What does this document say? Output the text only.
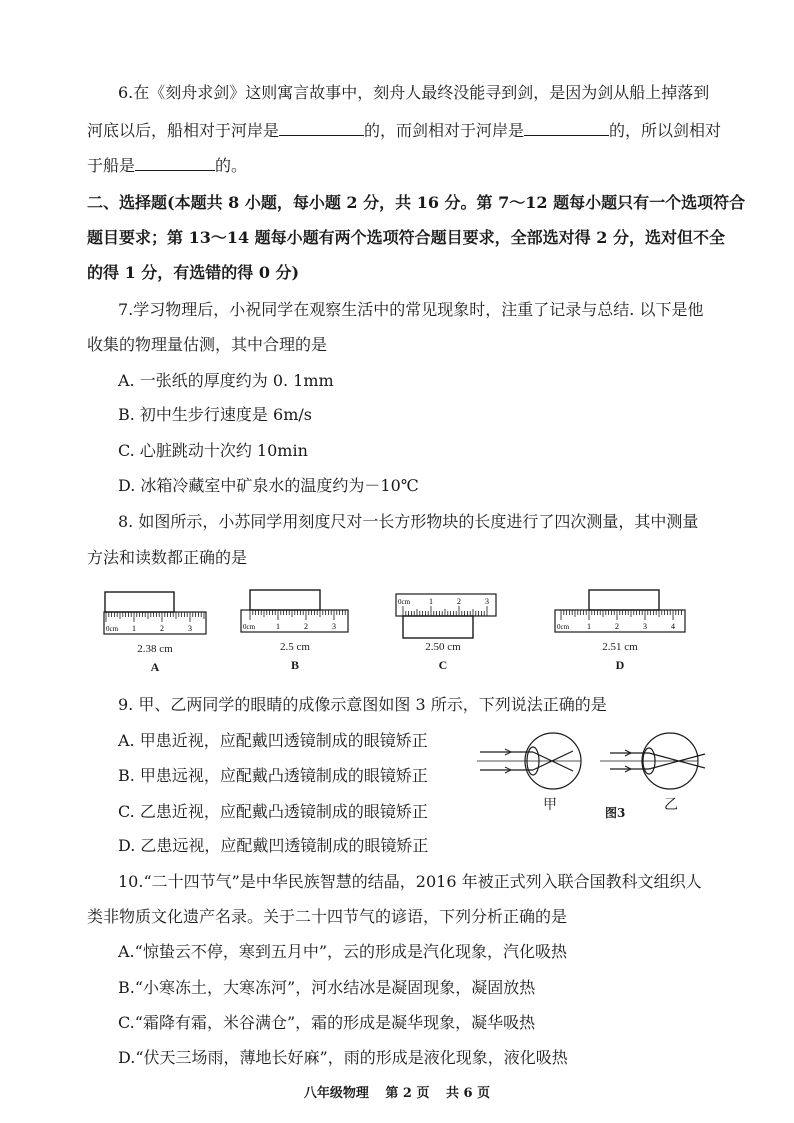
6.在《刻舟求剑》这则寓言故事中，刻舟人最终没能寻到剑，是因为剑从船上掉落到
河底以后，船相对于河岸是	的，而剑相对于河岸是	的，所以剑相对
于船是	的。
二、选择题(本题共 8 小题，每小题 2 分，共 16 分。第 7～12 题每小题只有一个选项符合
题目要求；第 13～14 题每小题有两个选项符合题目要求，全部选对得 2 分，选对但不全
的得 1 分，有选错的得 0 分)
7.学习物理后，小祝同学在观察生活中的常见现象时，注重了记录与总结. 以下是他
收集的物理量估测，其中合理的是
A. 一张纸的厚度约为 0. 1mm
B. 初中生步行速度是 6m/s
C. 心脏跳动十次约 10min
D. 冰箱冷藏室中矿泉水的温度约为－10℃
8. 如图所示，小苏同学用刻度尺对一长方形物块的长度进行了四次测量，其中测量
方法和读数都正确的是
0cm 1	2	3
2.38 cm
A
0cm	1	2	3
2.5 cm
B
0cm 1	2	3
2.50 cm
C
0cm 1	2	3	4
2.51 cm
D
9. 甲、乙两同学的眼睛的成像示意图如图 3 所示，下列说法正确的是
A. 甲患近视，应配戴凹透镜制成的眼镜矫正
B. 甲患远视，应配戴凸透镜制成的眼镜矫正
C. 乙患近视，应配戴凸透镜制成的眼镜矫正
D. 乙患远视，应配戴凹透镜制成的眼镜矫正
甲	图3	乙
10.“二十四节气”是中华民族智慧的结晶，2016 年被正式列入联合国教科文组织人
类非物质文化遗产名录。关于二十四节气的谚语，下列分析正确的是
A.“惊蛰云不停，寒到五月中”，云的形成是汽化现象，汽化吸热
B.“小寒冻土，大寒冻河”，河水结冰是凝固现象，凝固放热
C.“霜降有霜，米谷满仓”，霜的形成是凝华现象，凝华吸热
D.“伏天三场雨，薄地长好麻”，雨的形成是液化现象，液化吸热
八年级物理 第 2 页 共 6 页
